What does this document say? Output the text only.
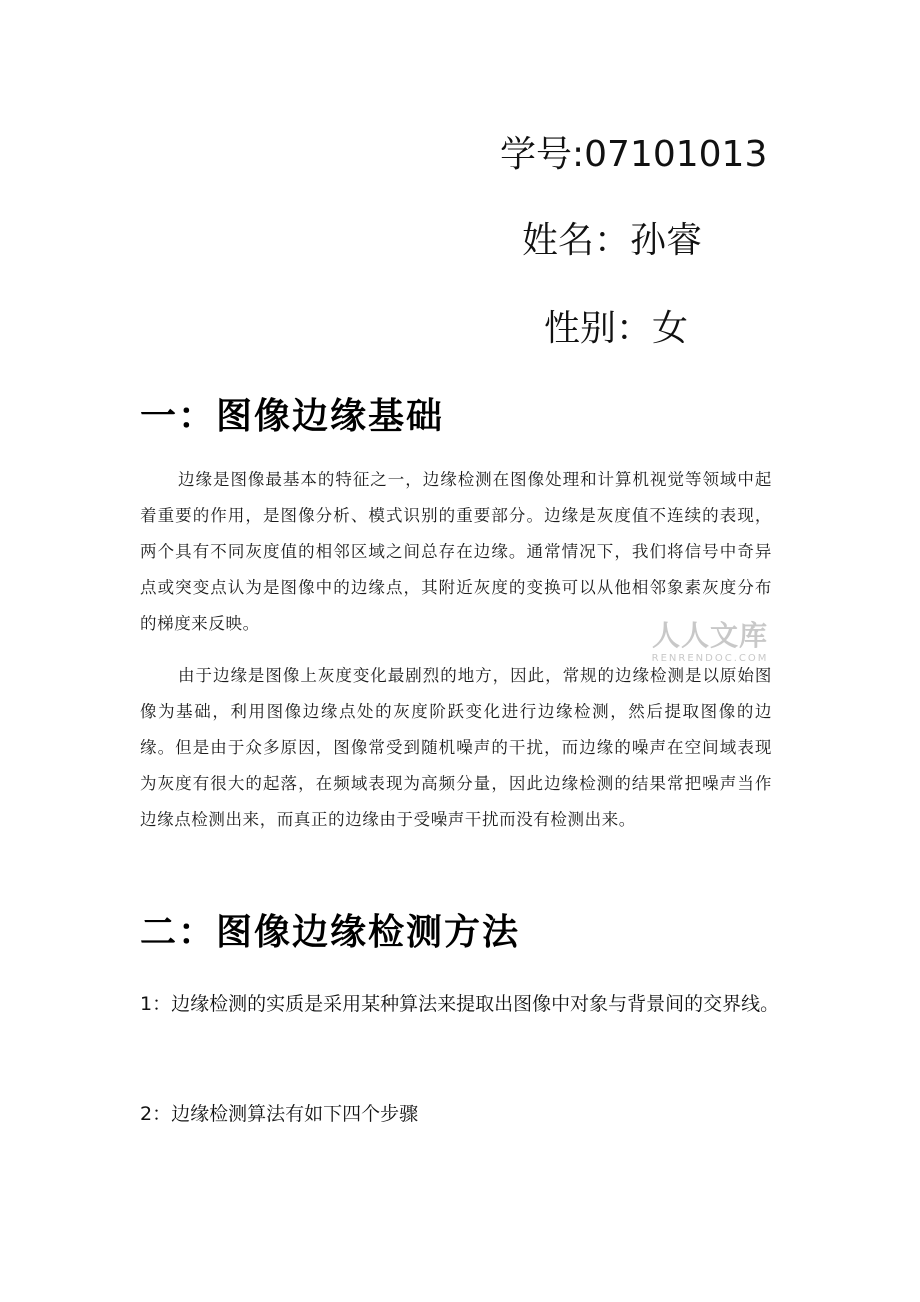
学号:07101013
姓名：孙睿
性别：女
一：图像边缘基础

边缘是图像最基本的特征之一，边缘检测在图像处理和计算机视觉等领域中起着重要的作用，是图像分析、模式识别的重要部分。边缘是灰度值不连续的表现，两个具有不同灰度值的相邻区域之间总存在边缘。通常情况下，我们将信号中奇异点或突变点认为是图像中的边缘点，其附近灰度的变换可以从他相邻象素灰度分布的梯度来反映。

由于边缘是图像上灰度变化最剧烈的地方，因此，常规的边缘检测是以原始图像为基础，利用图像边缘点处的灰度阶跃变化进行边缘检测，然后提取图像的边缘。但是由于众多原因，图像常受到随机噪声的干扰，而边缘的噪声在空间域表现为灰度有很大的起落，在频域表现为高频分量，因此边缘检测的结果常把噪声当作边缘点检测出来，而真正的边缘由于受噪声干扰而没有检测出来。

人人文库
RENRENDOC.COM
二：图像边缘检测方法

1：边缘检测的实质是采用某种算法来提取出图像中对象与背景间的交界线。

2：边缘检测算法有如下四个步骤
